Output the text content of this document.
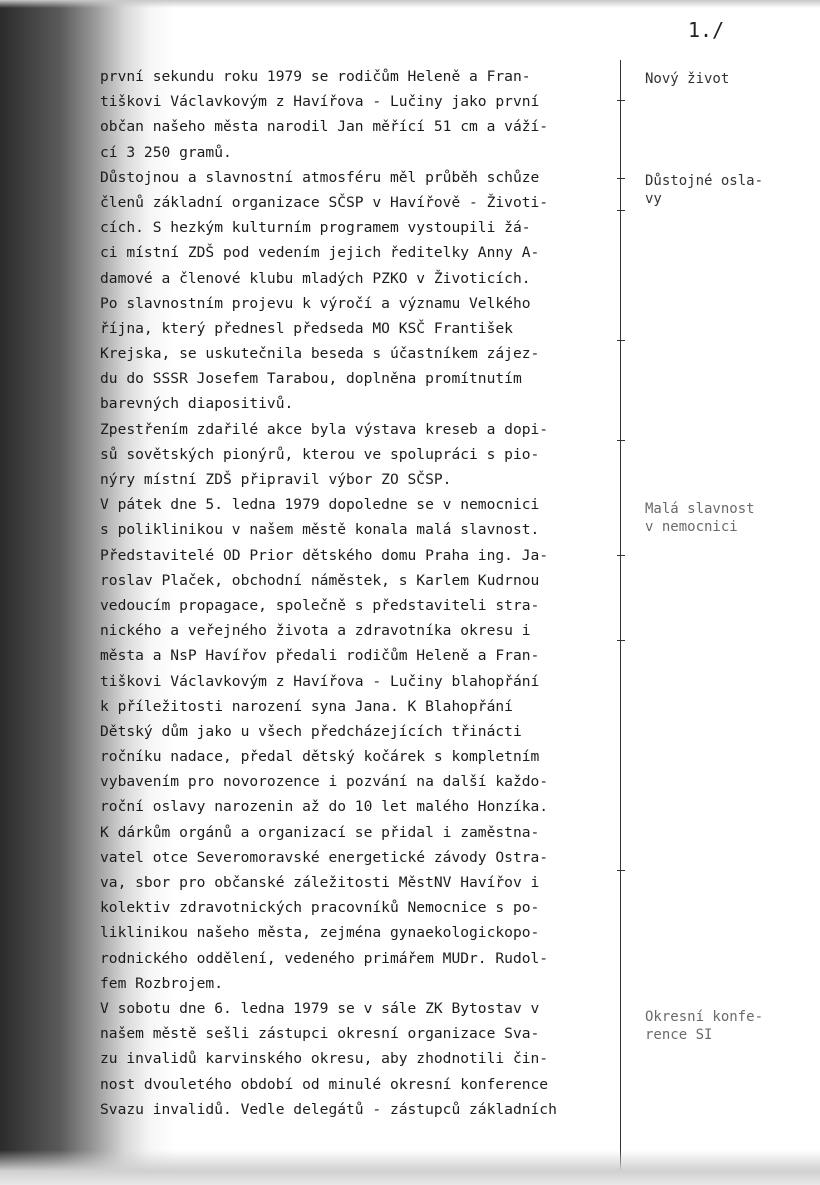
1./
první sekundu roku 1979 se rodičům Heleně a Fran-
tiškovi Václavkovým z Havířova - Lučiny jako první
občan našeho města narodil Jan měřící 51 cm a váží-
cí 3 250 gramů.
Důstojnou a slavnostní atmosféru měl průběh schůze
členů základní organizace SČSP v Havířově - Životi-
cích. S hezkým kulturním programem vystoupili žá-
ci místní ZDŠ pod vedením jejich ředitelky Anny A-
damové a členové klubu mladých PZKO v Životicích.
Po slavnostním projevu k výročí a významu Velkého
října, který přednesl předseda MO KSČ František
Krejska, se uskutečnila beseda s účastníkem zájez-
du do SSSR Josefem Tarabou, doplněna promítnutím
barevných diapositivů.
Zpestřením zdařilé akce byla výstava kreseb a dopi-
sů sovětských pionýrů, kterou ve spolupráci s pio-
nýry místní ZDŠ připravil výbor ZO SČSP.
V pátek dne 5. ledna 1979 dopoledne se v nemocnici
s poliklinikou v našem městě konala malá slavnost.
Představitelé OD Prior dětského domu Praha ing. Ja-
roslav Plaček, obchodní náměstek, s Karlem Kudrnou
vedoucím propagace, společně s představiteli stra-
nického a veřejného života a zdravotníka okresu i
města a NsP Havířov předali rodičům Heleně a Fran-
tiškovi Václavkovým z Havířova - Lučiny blahopřání
k příležitosti narození syna Jana. K Blahopřání
Dětský dům jako u všech předcházejících třinácti
ročníku nadace, předal dětský kočárek s kompletním
vybavením pro novorozence i pozvání na další každo-
roční oslavy narozenin až do 10 let malého Honzíka.
K dárkům orgánů a organizací se přidal i zaměstna-
vatel otce Severomoravské energetické závody Ostra-
va, sbor pro občanské záležitosti MěstNV Havířov i
kolektiv zdravotnických pracovníků Nemocnice s po-
liklinikou našeho města, zejména gynaekologickopo-
rodnického oddělení, vedeného primářem MUDr. Rudol-
fem Rozbrojem.
V sobotu dne 6. ledna 1979 se v sále ZK Bytostav v
našem městě sešli zástupci okresní organizace Sva-
zu invalidů karvinského okresu, aby zhodnotili čin-
nost dvouletého období od minulé okresní konference
Svazu invalidů. Vedle delegátů - zástupců základních
Nový život
Důstojné osla-
vy
Malá slavnost
v nemocnici
Okresní konfe-
rence SI
